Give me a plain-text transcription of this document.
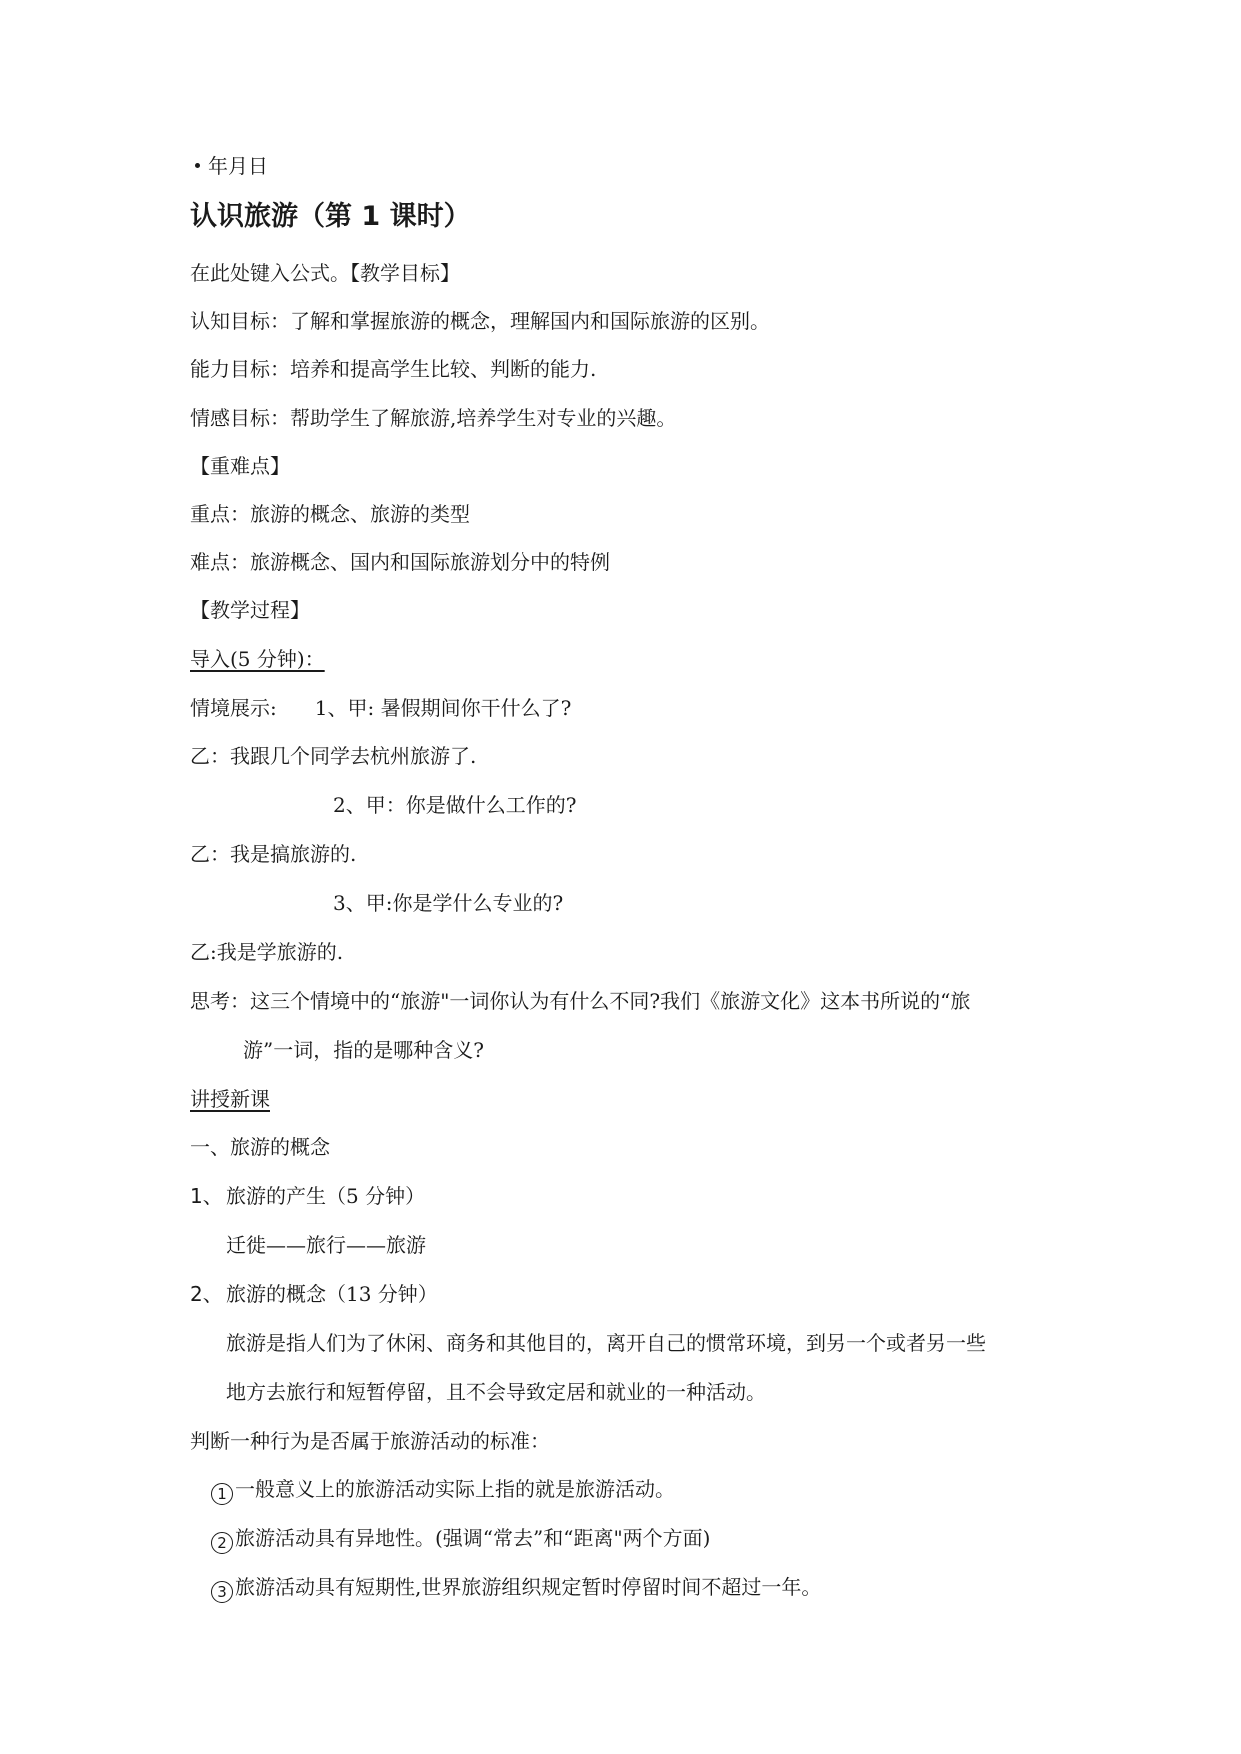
年月日
认识旅游（第 1 课时）
在此处键入公式。【教学目标】
认知目标：了解和掌握旅游的概念，理解国内和国际旅游的区别。
能力目标：培养和提高学生比较、判断的能力.
情感目标：帮助学生了解旅游,培养学生对专业的兴趣。
【重难点】
重点：旅游的概念、旅游的类型
难点：旅游概念、国内和国际旅游划分中的特例
【教学过程】
导入(5 分钟)：
情境展示: 1、甲: 暑假期间你干什么了?
乙：我跟几个同学去杭州旅游了.
2、甲：你是做什么工作的?
乙：我是搞旅游的.
3、甲:你是学什么专业的?
乙:我是学旅游的.
思考：这三个情境中的“旅游"一词你认为有什么不同?我们《旅游文化》这本书所说的“旅
游”一词，指的是哪种含义?
讲授新课
一、旅游的概念
1、 旅游的产生（5 分钟）
迁徙——旅行——旅游
2、 旅游的概念（13 分钟）
旅游是指人们为了休闲、商务和其他目的，离开自己的惯常环境，到另一个或者另一些
地方去旅行和短暂停留，且不会导致定居和就业的一种活动。
判断一种行为是否属于旅游活动的标准：
1 一般意义上的旅游活动实际上指的就是旅游活动。
2 旅游活动具有异地性。(强调“常去”和“距离"两个方面)
3 旅游活动具有短期性,世界旅游组织规定暂时停留时间不超过一年。
